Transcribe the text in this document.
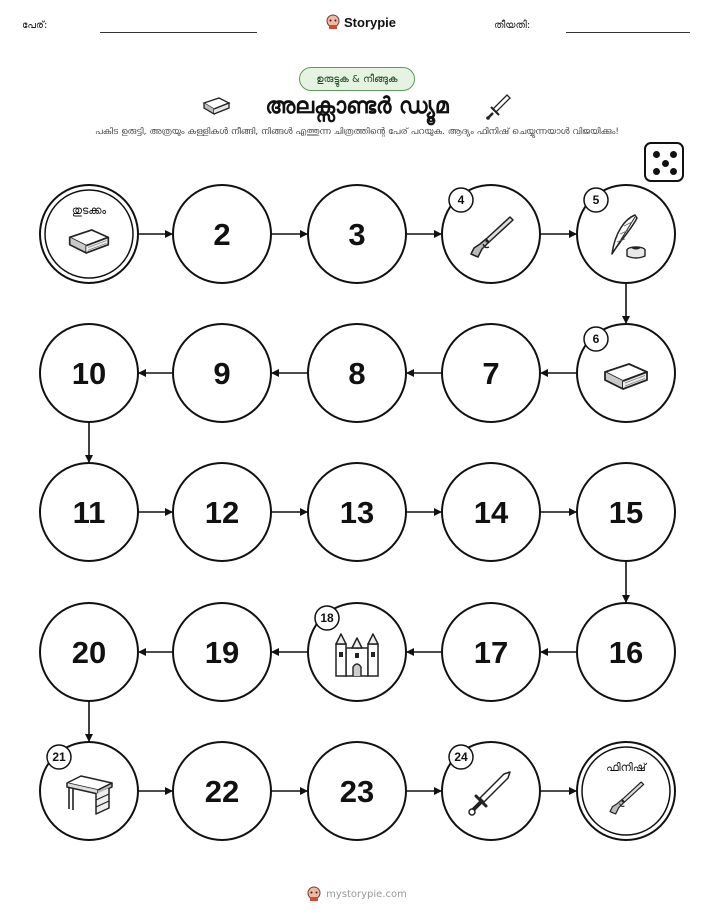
പേര്:	Storypie	തീയതി:
ഉരുട്ടുക & നീങ്ങുക
അലക്സാണ്ടർ ഡ്യൂമ
പകിട ഉരുട്ടി, അത്രയും കള്ളികൾ നീങ്ങി, നിങ്ങൾ എത്തുന്ന ചിത്രത്തിന്റെ പേര് പറയുക. ആദ്യം ഫിനിഷ് ചെയ്യുന്നയാൾ വിജയിക്കും!
തുടക്കം
2	3
4	5
6
7
8
9
10
11	12	13	14	15
16
17
18
19
20
21
22	23
24
ഫിനിഷ്
mystorypie.com
